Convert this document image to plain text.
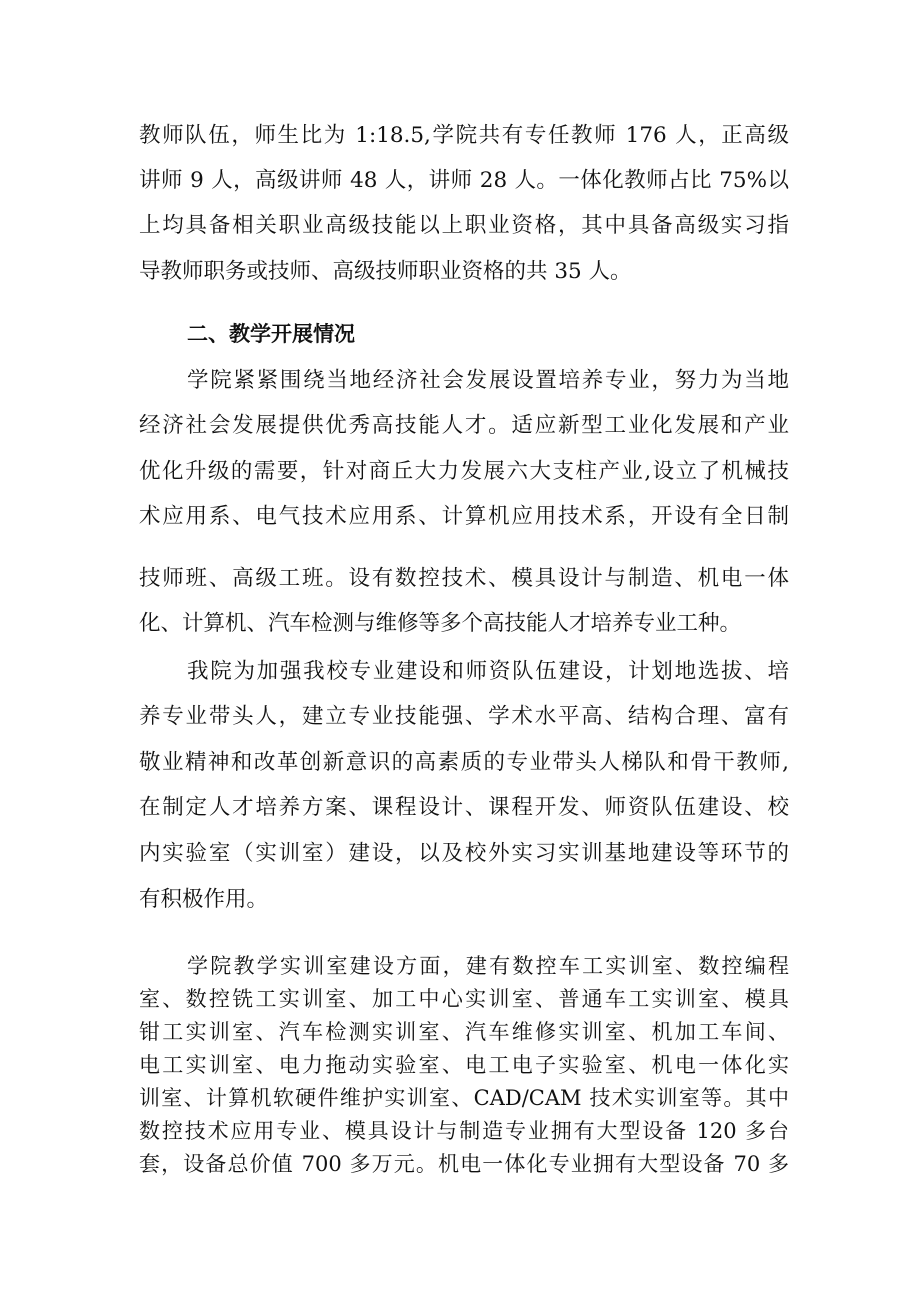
教师队伍，师生比为 1:18.5,学院共有专任教师 176 人，正高级
讲师 9 人，高级讲师 48 人，讲师 28 人。一体化教师占比 75%以
上均具备相关职业高级技能以上职业资格，其中具备高级实习指
导教师职务或技师、高级技师职业资格的共 35 人。
二、教学开展情况
学院紧紧围绕当地经济社会发展设置培养专业，努力为当地
经济社会发展提供优秀高技能人才。适应新型工业化发展和产业
优化升级的需要，针对商丘大力发展六大支柱产业,设立了机械技
术应用系、电气技术应用系、计算机应用技术系，开设有全日制
技师班、高级工班。设有数控技术、模具设计与制造、机电一体
化、计算机、汽车检测与维修等多个高技能人才培养专业工种。
我院为加强我校专业建设和师资队伍建设，计划地选拔、培
养专业带头人，建立专业技能强、学术水平高、结构合理、富有
敬业精神和改革创新意识的高素质的专业带头人梯队和骨干教师,
在制定人才培养方案、课程设计、课程开发、师资队伍建设、校
内实验室（实训室）建设，以及校外实习实训基地建设等环节的
有积极作用。
学院教学实训室建设方面，建有数控车工实训室、数控编程
室、数控铣工实训室、加工中心实训室、普通车工实训室、模具
钳工实训室、汽车检测实训室、汽车维修实训室、机加工车间、
电工实训室、电力拖动实验室、电工电子实验室、机电一体化实
训室、计算机软硬件维护实训室、CAD/CAM 技术实训室等。其中
数控技术应用专业、模具设计与制造专业拥有大型设备 120 多台
套，设备总价值 700 多万元。机电一体化专业拥有大型设备 70 多
